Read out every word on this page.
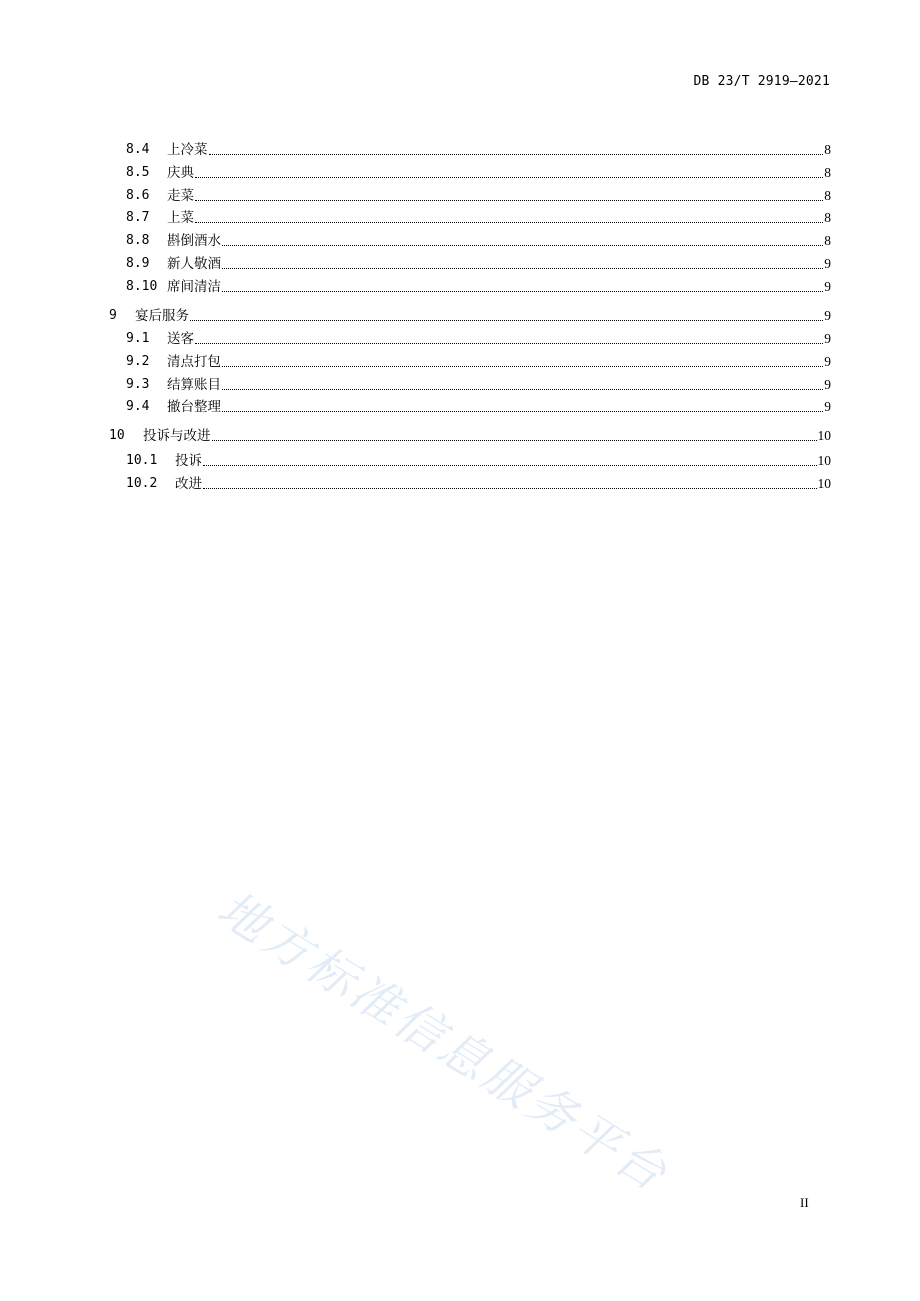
DB 23/T 2919—2021
8.4	上冷菜	8
8.5	庆典	8
8.6	走菜	8
8.7	上菜	8
8.8	斟倒酒水	8
8.9	新人敬酒	9
8.10 席间清洁	9
9	宴后服务	9
9.1	送客	9
9.2	清点打包	9
9.3	结算账目	9
9.4	撤台整理	9
10	投诉与改进	10
10.1	投诉	10
10.2	改进	10
地方标准信息服务平台	II
